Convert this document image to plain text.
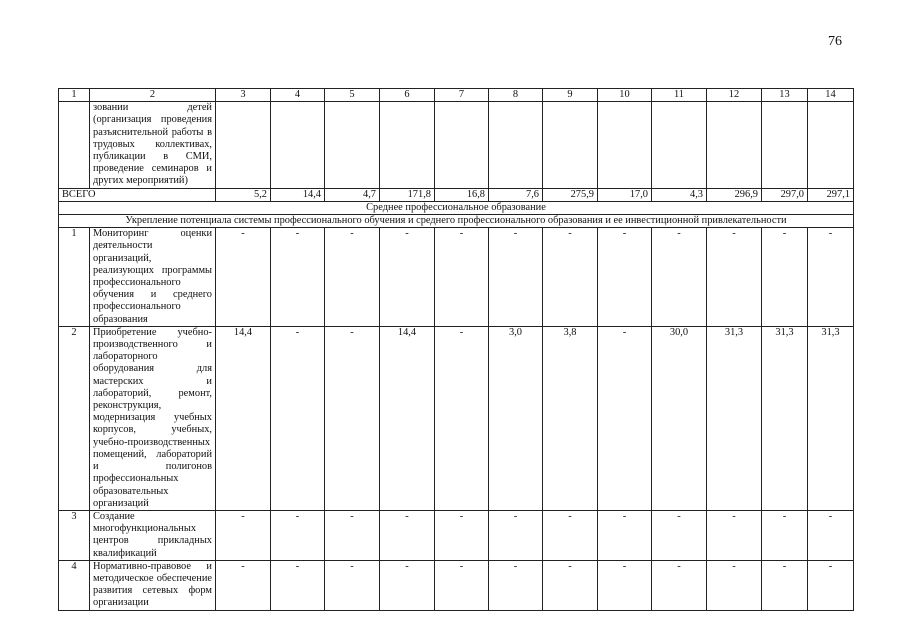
76
1	2	3	4	5	6	7	8	9	10	11	12	13	14
	зовании детей (организация проведения разъяснительной работы в трудовых коллективах, публикации в СМИ, проведение семинаров и других мероприятий)												
ВСЕГО		5,2	14,4	4,7	171,8	16,8	7,6	275,9	17,0	4,3	296,9	297,0	297,1
Среднее профессиональное образование													
Укрепление потенциала системы профессионального обучения и среднего профессионального образования и ее инвестиционной привлекательности													
1	Мониторинг оценки деятельности организаций, реализующих программы профессионального обучения и среднего профессионального образования	-	-	-	-	-	-	-	-	-	-	-	-
2	Приобретение учебно-производственного и лабораторного оборудования для мастерских и лабораторий, ремонт, реконструкция, модернизация учебных корпусов, учебных, учебно-производственных помещений, лабораторий и полигонов профессиональных образовательных организаций	14,4	-	-	14,4	-	3,0	3,8	-	30,0	31,3	31,3	31,3
3	Создание многофункциональных центров прикладных квалификаций	-	-	-	-	-	-	-	-	-	-	-	-
4	Нормативно-правовое и методическое обеспечение развития сетевых форм организации	-	-	-	-	-	-	-	-	-	-	-	-
